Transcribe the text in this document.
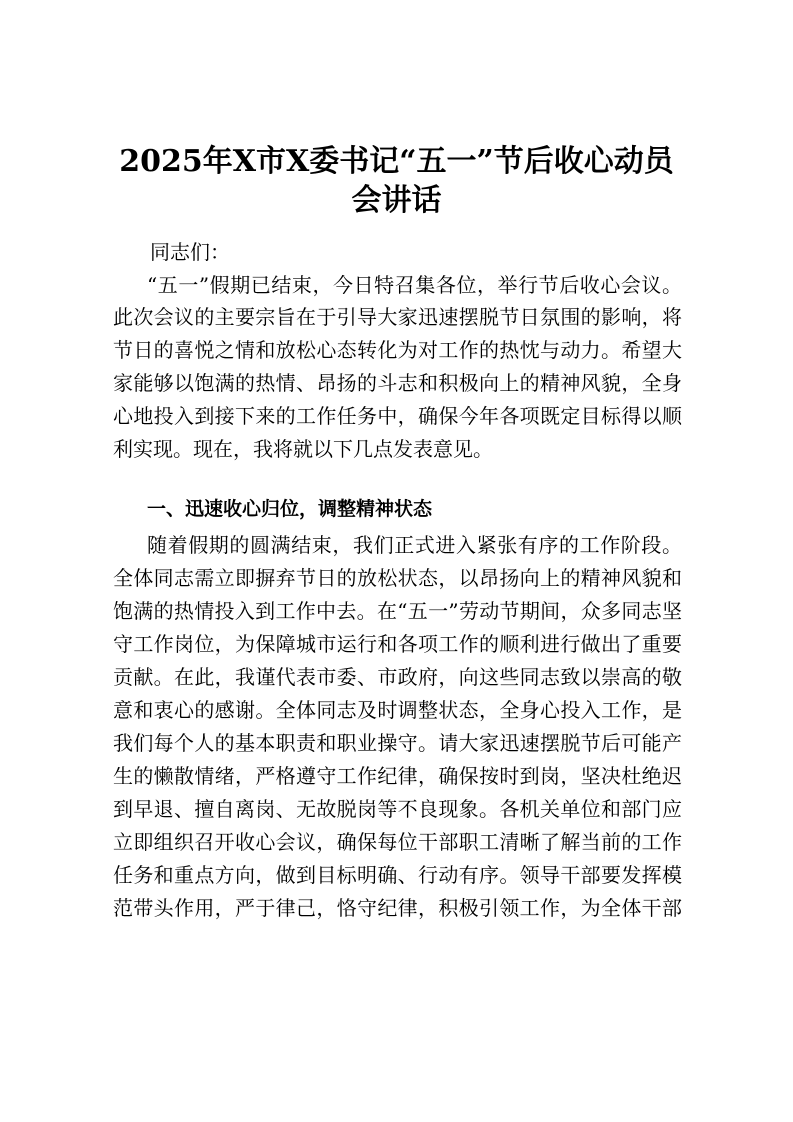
2025年X市X委书记“五一”节后收心动员
会讲话

同志们：

“五一”假期已结束，今日特召集各位，举行节后收心会议。

此次会议的主要宗旨在于引导大家迅速摆脱节日氛围的影响，将

节日的喜悦之情和放松心态转化为对工作的热忱与动力。希望大

家能够以饱满的热情、昂扬的斗志和积极向上的精神风貌，全身

心地投入到接下来的工作任务中，确保今年各项既定目标得以顺

利实现。现在，我将就以下几点发表意见。

一、迅速收心归位，调整精神状态

随着假期的圆满结束，我们正式进入紧张有序的工作阶段。

全体同志需立即摒弃节日的放松状态，以昂扬向上的精神风貌和

饱满的热情投入到工作中去。在“五一”劳动节期间，众多同志坚

守工作岗位，为保障城市运行和各项工作的顺利进行做出了重要

贡献。在此，我谨代表市委、市政府，向这些同志致以崇高的敬

意和衷心的感谢。全体同志及时调整状态，全身心投入工作，是

我们每个人的基本职责和职业操守。请大家迅速摆脱节后可能产

生的懒散情绪，严格遵守工作纪律，确保按时到岗，坚决杜绝迟

到早退、擅自离岗、无故脱岗等不良现象。各机关单位和部门应

立即组织召开收心会议，确保每位干部职工清晰了解当前的工作

任务和重点方向，做到目标明确、行动有序。领导干部要发挥模

范带头作用，严于律己，恪守纪律，积极引领工作，为全体干部
